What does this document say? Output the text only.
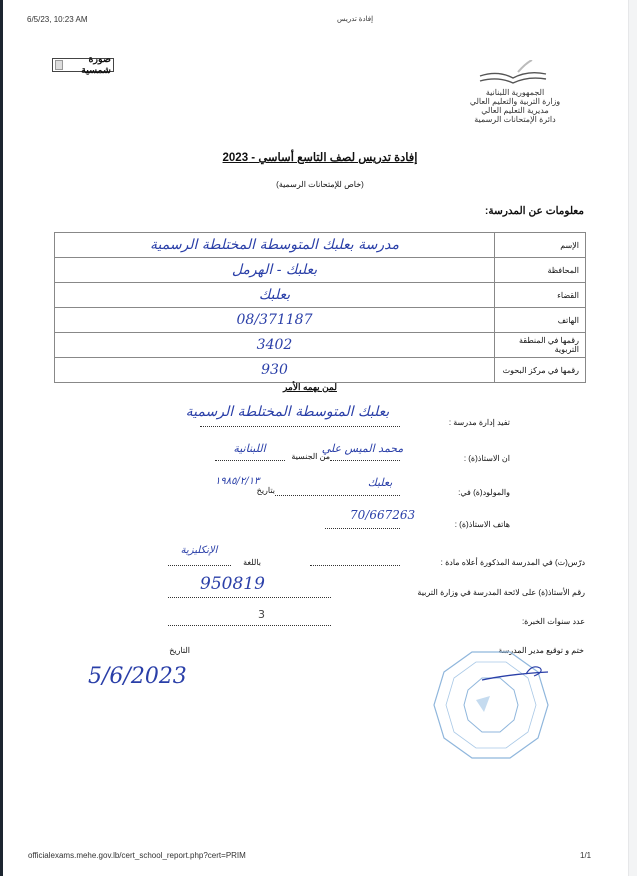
6/5/23, 10:23 AM	إفادة تدريس
صورة شمسية
الجمهورية اللبنانية
وزارة التربية والتعليم العالي
مديرية التعليم العالي
دائرة الإمتحانات الرسمية
إفادة تدريس لصف التاسع أساسي - 2023
(خاص للإمتحانات الرسمية)
معلومات عن المدرسة:
مدرسة بعلبك المتوسطة المختلطة الرسمية	الإسم
بعلبك - الهرمل	المحافظة
بعلبك	القضاء
08/371187	الهاتف
3402	رقمها في المنطقة التربوية
930	رقمها في مركز البحوث
لمن يهمه الأمر
تفيد إدارة مدرسة :
بعلبك المتوسطة المختلطة الرسمية
ان الاستاذ(ة) :
محمد الميس علي
من الجنسية
اللبنانية
والمولود(ة) في:
بعلبك
بتاريخ
١٩٨٥/٢/١٣
هاتف الاستاذ(ة) :
70/667263
درّس(ت) في المدرسة المذكورة أعلاه مادة :
باللغة
الإنكليزية
رقم الأستاذ(ة) على لائحة المدرسة في وزارة التربية
950819
عدد سنوات الخبرة:
3
ختم و توقيع مدير المدرسة
التاريخ
5/6/2023
officialexams.mehe.gov.lb/cert_school_report.php?cert=PRIM	1/1
